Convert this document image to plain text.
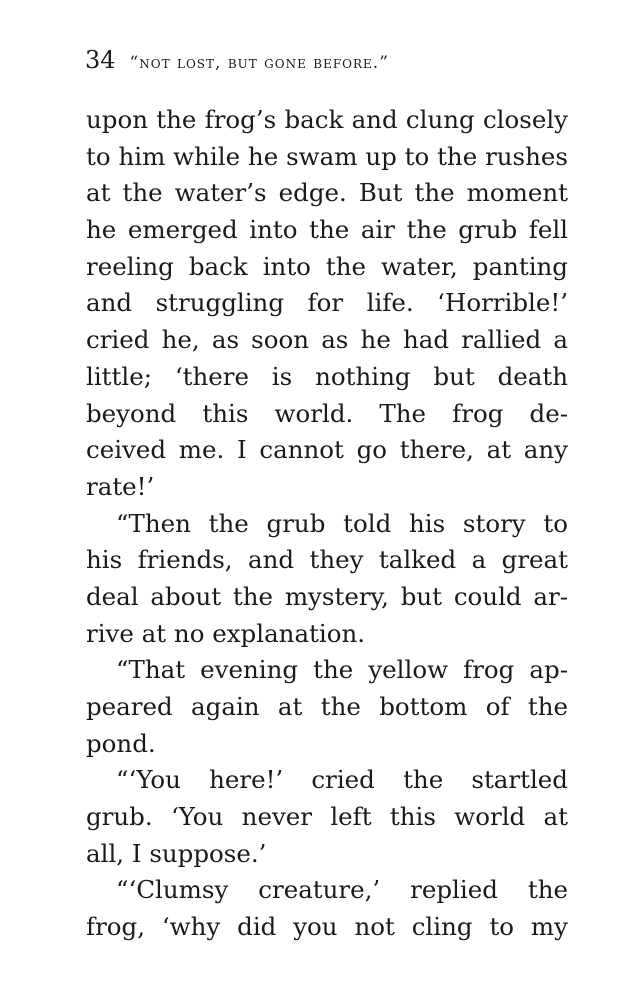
34 “not lost, but gone before.”
upon the frog’s back and clung closely
to him while he swam up to the rushes
at the water’s edge. But the moment
he emerged into the air the grub fell
reeling back into the water, panting
and struggling for life. ‘Horrible!’
cried he, as soon as he had rallied a
little; ‘there is nothing but death
beyond this world. The frog de-
ceived me. I cannot go there, at any
rate!’
“Then the grub told his story to
his friends, and they talked a great
deal about the mystery, but could ar-
rive at no explanation.
“That evening the yellow frog ap-
peared again at the bottom of the
pond.
“‘You here!’ cried the startled
grub. ‘You never left this world at
all, I suppose.’
“‘Clumsy creature,’ replied the
frog, ‘why did you not cling to my
